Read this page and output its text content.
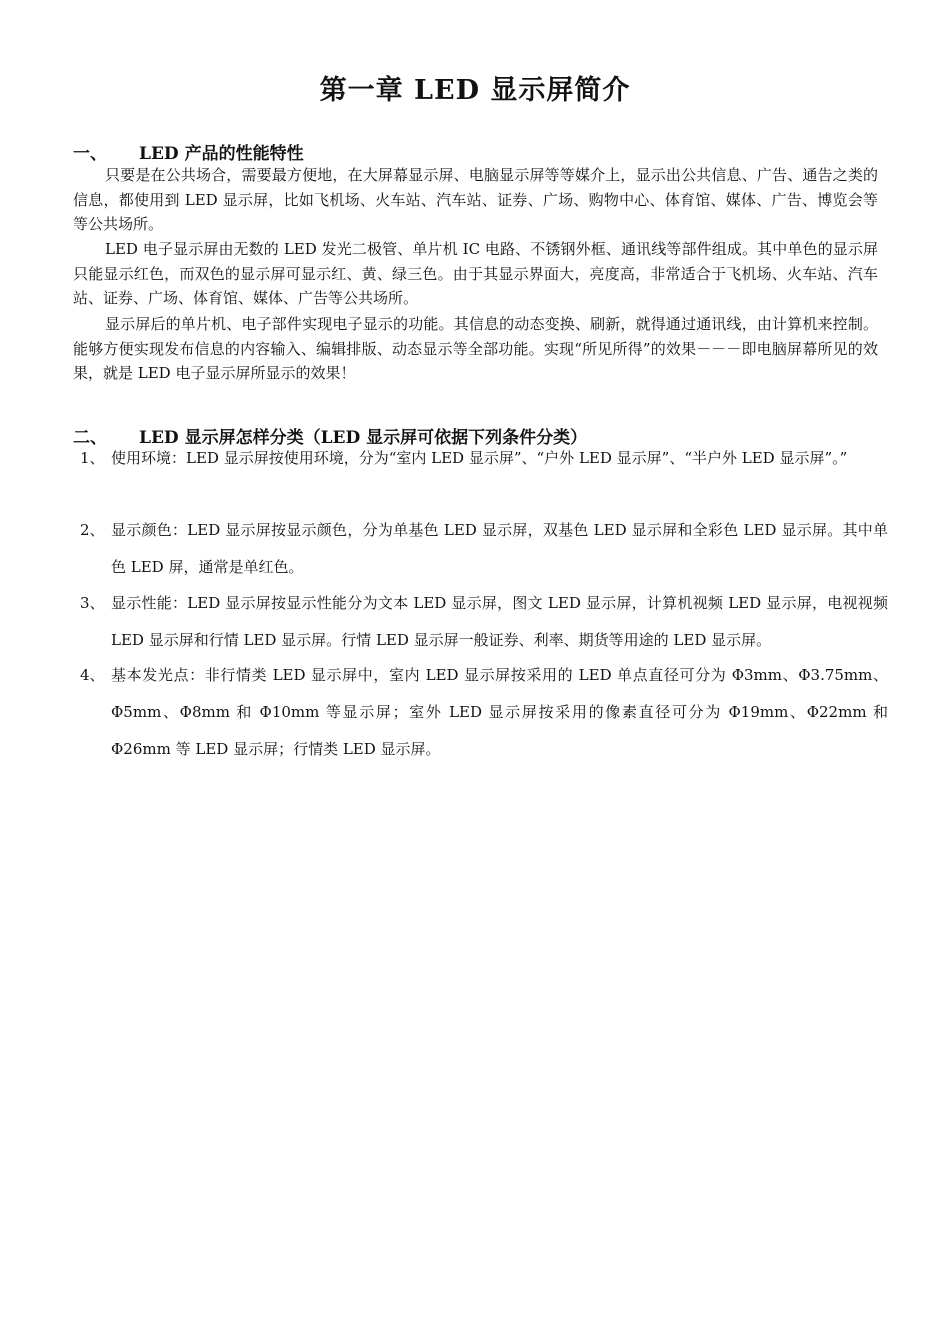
第一章 LED 显示屏简介
一、 LED 产品的性能特性
只要是在公共场合，需要最方便地，在大屏幕显示屏、电脑显示屏等等媒介上，显示出公共信息、广告、通告之类的信息，都使用到 LED 显示屏，比如飞机场、火车站、汽车站、证券、广场、购物中心、体育馆、媒体、广告、博览会等等公共场所。
LED 电子显示屏由无数的 LED 发光二极管、单片机 IC 电路、不锈钢外框、通讯线等部件组成。其中单色的显示屏只能显示红色，而双色的显示屏可显示红、黄、绿三色。由于其显示界面大，亮度高，非常适合于飞机场、火车站、汽车站、证券、广场、体育馆、媒体、广告等公共场所。
显示屏后的单片机、电子部件实现电子显示的功能。其信息的动态变换、刷新，就得通过通讯线，由计算机来控制。能够方便实现发布信息的内容输入、编辑排版、动态显示等全部功能。实现“所见所得”的效果－－－即电脑屏幕所见的效果，就是 LED 电子显示屏所显示的效果！
二、 LED 显示屏怎样分类（LED 显示屏可依据下列条件分类）
1、 使用环境：LED 显示屏按使用环境，分为“室内 LED 显示屏”、“户外 LED 显示屏”、“半户外 LED 显示屏”。”
2、 显示颜色：LED 显示屏按显示颜色，分为单基色 LED 显示屏，双基色 LED 显示屏和全彩色 LED 显示屏。其中单色 LED 屏，通常是单红色。
3、 显示性能：LED 显示屏按显示性能分为文本 LED 显示屏，图文 LED 显示屏，计算机视频 LED 显示屏，电视视频 LED 显示屏和行情 LED 显示屏。行情 LED 显示屏一般证券、利率、期货等用途的 LED 显示屏。
4、 基本发光点：非行情类 LED 显示屏中，室内 LED 显示屏按采用的 LED 单点直径可分为 Φ3mm、Φ3.75mm、Φ5mm、Φ8mm 和 Φ10mm 等显示屏；室外 LED 显示屏按采用的像素直径可分为 Φ19mm、Φ22mm 和 Φ26mm 等 LED 显示屏；行情类 LED 显示屏。
